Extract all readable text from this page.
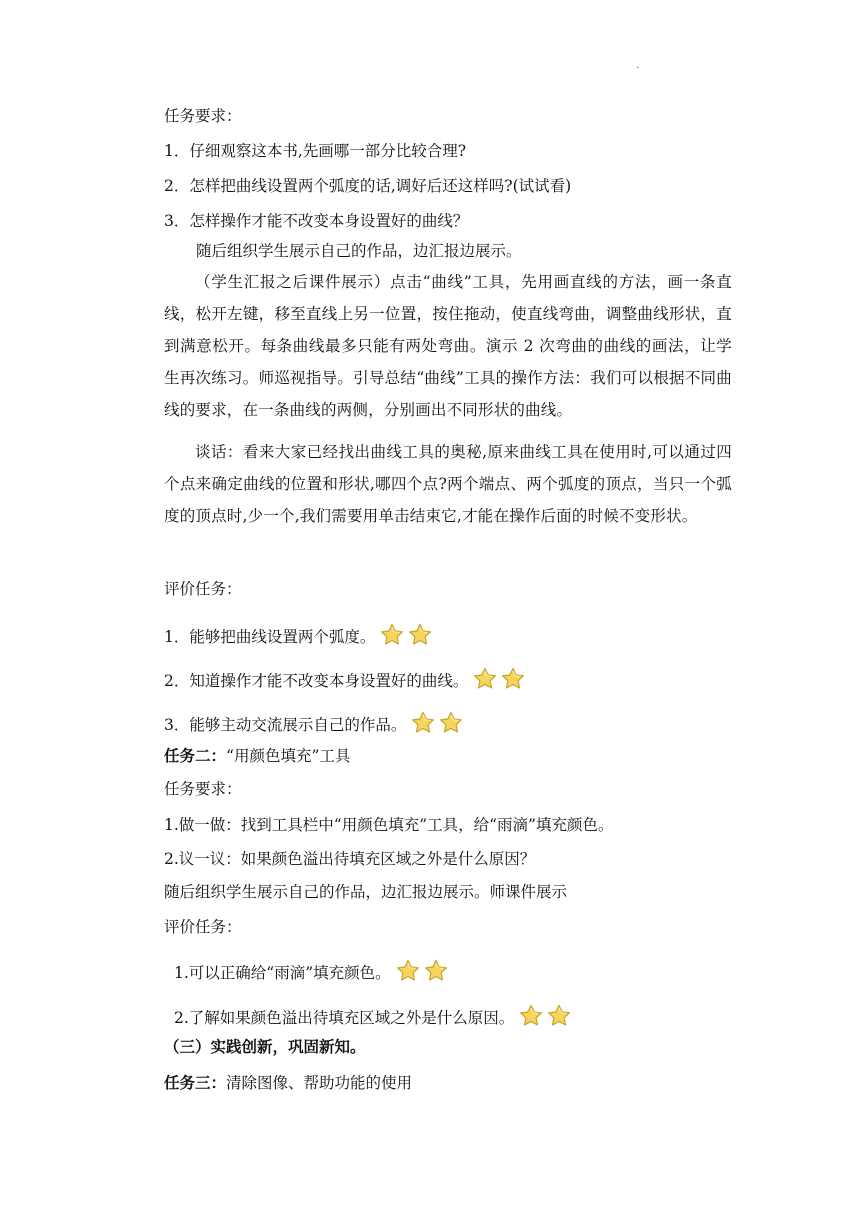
.
任务要求：
1．仔细观察这本书,先画哪一部分比较合理?
2．怎样把曲线设置两个弧度的话,调好后还这样吗?(试试看)
3．怎样操作才能不改变本身设置好的曲线？
随后组织学生展示自己的作品，边汇报边展示。
（学生汇报之后课件展示）点击“曲线”工具，先用画直线的方法，画一条直线，松开左键，移至直线上另一位置，按住拖动，使直线弯曲，调整曲线形状，直到满意松开。每条曲线最多只能有两处弯曲。演示 2 次弯曲的曲线的画法，让学生再次练习。师巡视指导。引导总结“曲线”工具的操作方法：我们可以根据不同曲线的要求，在一条曲线的两侧，分别画出不同形状的曲线。
谈话：看来大家已经找出曲线工具的奥秘,原来曲线工具在使用时,可以通过四个点来确定曲线的位置和形状,哪四个点?两个端点、两个弧度的顶点，当只一个弧度的顶点时,少一个,我们需要用单击结束它,才能在操作后面的时候不变形状。
评价任务：
1．能够把曲线设置两个弧度。
2．知道操作才能不改变本身设置好的曲线。
3．能够主动交流展示自己的作品。
任务二：“用颜色填充”工具
任务要求：
1.做一做：找到工具栏中“用颜色填充”工具，给“雨滴”填充颜色。
2.议一议：如果颜色溢出待填充区域之外是什么原因？
随后组织学生展示自己的作品，边汇报边展示。师课件展示
评价任务：
1.可以正确给“雨滴”填充颜色。
2.了解如果颜色溢出待填充区域之外是什么原因。
（三）实践创新，巩固新知。
任务三：清除图像、帮助功能的使用
